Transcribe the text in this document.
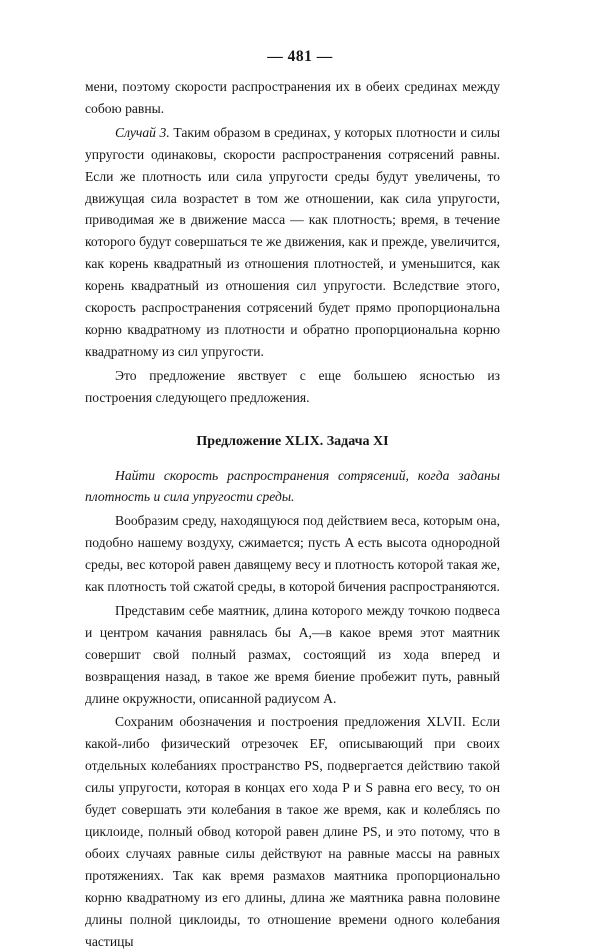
— 481 —

мени, поэтому скорости распространения их в обеих срединах между собою равны.

Случай 3. Таким образом в срединах, у которых плотности и силы упругости одинаковы, скорости распространения сотрясений равны. Если же плотность или сила упругости среды будут увеличены, то движущая сила возрастет в том же отношении, как сила упругости, приводимая же в движение масса — как плотность; время, в течение которого будут совершаться те же движения, как и прежде, увеличится, как корень квадратный из отношения плотностей, и уменьшится, как корень квадратный из отношения сил упругости. Вследствие этого, скорость распространения сотрясений будет прямо пропорциональна корню квадратному из плотности и обратно пропорциональна корню квадратному из сил упругости.

Это предложение явствует с еще большею ясностью из построения следующего предложения.

Предложение XLIX. Задача XI

Найти скорость распространения сотрясений, когда заданы плотность и сила упругости среды.

Вообразим среду, находящуюся под действием веса, которым она, подобно нашему воздуху, сжимается; пусть A есть высота однородной среды, вес которой равен давящему весу и плотность которой такая же, как плотность той сжатой среды, в которой бичения распространяются.

Представим себе маятник, длина которого между точкою подвеса и центром качания равнялась бы A,—в какое время этот маятник совершит свой полный размах, состоящий из хода вперед и возвращения назад, в такое же время биение пробежит путь, равный длине окружности, описанной радиусом A.

Сохраним обозначения и построения предложения XLVII. Если какой-либо физический отрезочек EF, описывающий при своих отдельных колебаниях пространство PS, подвергается действию такой силы упругости, которая в концах его хода P и S равна его весу, то он будет совершать эти колебания в такое же время, как и колеблясь по циклоиде, полный обвод которой равен длине PS, и это потому, что в обоих случаях равные силы действуют на равные массы на равных протяжениях. Так как время размахов маятника пропорционально корню квадратному из его длины, длина же маятника равна половине длины полной циклоиды, то отношение времени одного колебания частицы
